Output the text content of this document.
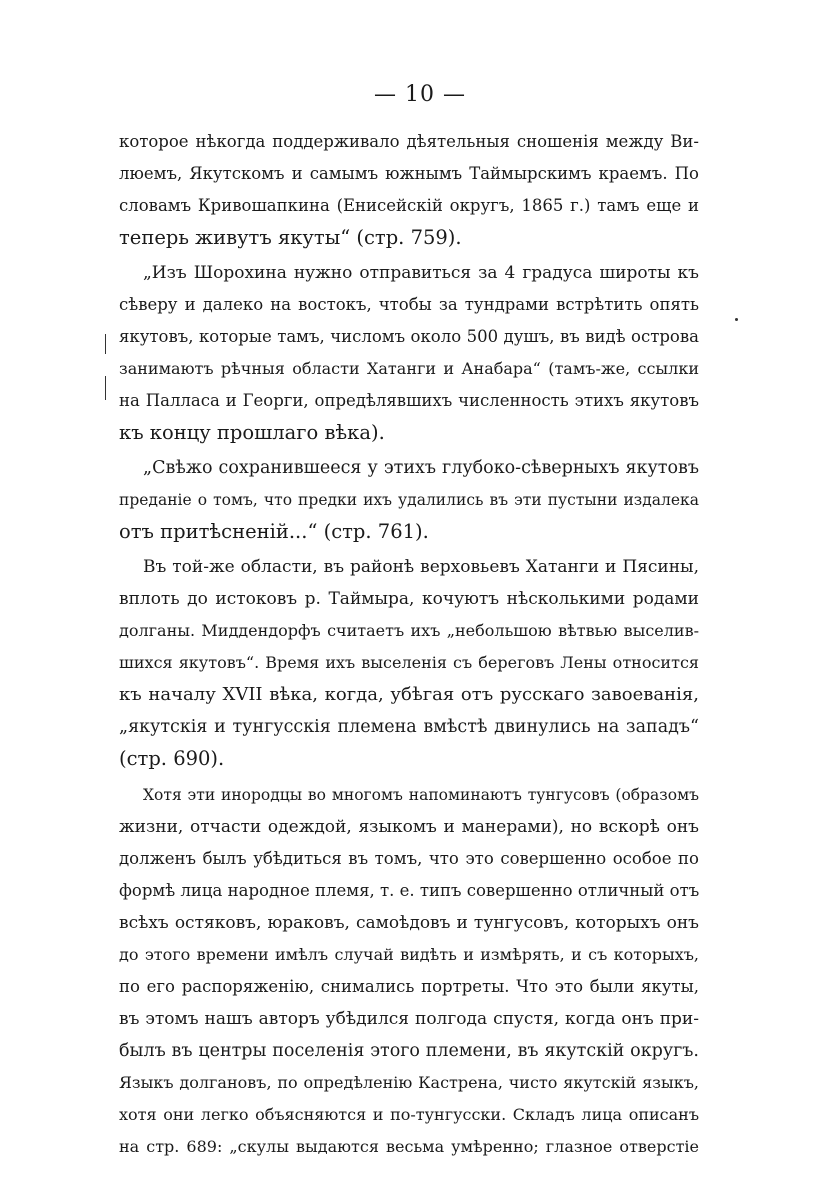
— 10 —
которое нѣкогда поддерживало дѣятельныя сношенія между Ви-
люемъ, Якутскомъ и самымъ южнымъ Таймырскимъ краемъ. По
словамъ Кривошапкина (Енисейскій округъ, 1865 г.) тамъ еще и
теперь живутъ якуты“ (стр. 759).
„Изъ Шорохина нужно отправиться за 4 градуса широты къ
сѣверу и далеко на востокъ, чтобы за тундрами встрѣтить опять
якутовъ, которые тамъ, числомъ около 500 душъ, въ видѣ острова
занимаютъ рѣчныя области Хатанги и Анабара“ (тамъ-же, ссылки
на Палласа и Георги, опредѣлявшихъ численность этихъ якутовъ
къ концу прошлаго вѣка).
„Свѣжо сохранившееся у этихъ глубоко-сѣверныхъ якутовъ
преданіе о томъ, что предки ихъ удалились въ эти пустыни издалека
отъ притѣсненій...“ (стр. 761).
Въ той-же области, въ районѣ верховьевъ Хатанги и Пясины,
вплоть до истоковъ р. Таймыра, кочуютъ нѣсколькими родами
долганы. Миддендорфъ считаетъ ихъ „небольшою вѣтвью выселив-
шихся якутовъ“. Время ихъ выселенія съ береговъ Лены относится
къ началу XVII вѣка, когда, убѣгая отъ русскаго завоеванія,
„якутскія и тунгусскія племена вмѣстѣ двинулись на западъ“
(стр. 690).
Хотя эти инородцы во многомъ напоминаютъ тунгусовъ (образомъ
жизни, отчасти одеждой, языкомъ и манерами), но вскорѣ онъ
долженъ былъ убѣдиться въ томъ, что это совершенно особое по
формѣ лица народное племя, т. е. типъ совершенно отличный отъ
всѣхъ остяковъ, юраковъ, самоѣдовъ и тунгусовъ, которыхъ онъ
до этого времени имѣлъ случай видѣть и измѣрять, и съ которыхъ,
по его распоряженію, снимались портреты. Что это были якуты,
въ этомъ нашъ авторъ убѣдился полгода спустя, когда онъ при-
былъ въ центры поселенія этого племени, въ якутскій округъ.
Языкъ долгановъ, по опредѣленію Кастрена, чисто якутскій языкъ,
хотя они легко объясняются и по-тунгусски. Складъ лица описанъ
на стр. 689: „скулы выдаются весьма умѣренно; глазное отверстіе
